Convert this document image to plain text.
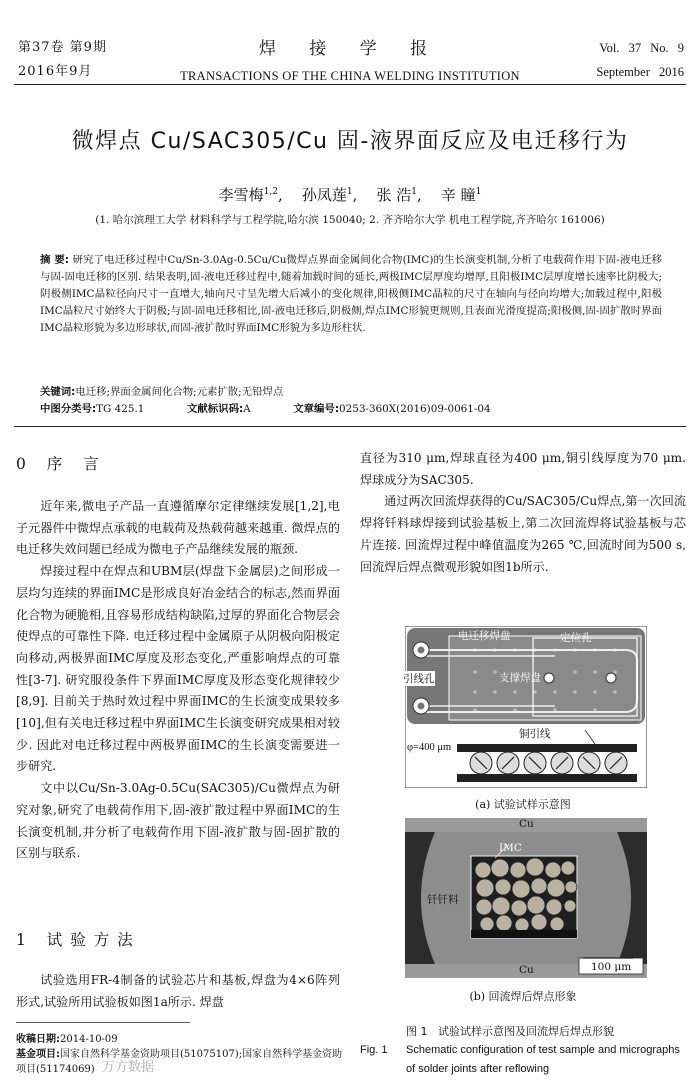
第37卷 第9期
2016年9月
焊 接 学 报
TRANSACTIONS OF THE CHINA WELDING INSTITUTION
Vol. 37 No. 9
September 2016
微焊点 Cu/SAC305/Cu 固-液界面反应及电迁移行为
李雪梅$^{1,2}$,    孙凤莲$^1$,    张 浩$^1$,    辛 瞳$^1$
(1. 哈尔滨理工大学 材料科学与工程学院,哈尔滨 150040; 2. 齐齐哈尔大学 机电工程学院,齐齐哈尔 161006)
摘 要: 研究了电迁移过程中Cu/Sn-3.0Ag-0.5Cu/Cu微焊点界面金属间化合物(IMC)的生长演变机制,分析了电载荷作用下固-液电迁移与固-固电迁移的区别. 结果表明,固-液电迁移过程中,随着加载时间的延长,两极IMC层厚度均增厚,且阳极IMC层厚度增长速率比阴极大;阴极侧IMC晶粒径向尺寸一直增大,轴向尺寸呈先增大后减小的变化规律,阳极侧IMC晶粒的尺寸在轴向与径向均增大;加载过程中,阳极IMC晶粒尺寸始终大于阴极;与固-固电迁移相比,固-液电迁移后,阴极侧,焊点IMC形貌更规则,且表面光滑度提高;阳极侧,固-固扩散时界面IMC晶粒形貌为多边形球状,而固-液扩散时界面IMC形貌为多边形柱状.
关键词:电迁移;界面金属间化合物;元素扩散;无铅焊点
中图分类号:TG 425.1	文献标识码:A	文章编号:0253-360X(2016)09-0061-04
0 序 言

近年来,微电子产品一直遵循摩尔定律继续发展[1,2],电子元器件中微焊点承载的电载荷及热载荷越来越重. 微焊点的电迁移失效问题已经成为微电子产品继续发展的瓶颈.

焊接过程中在焊点和UBM层(焊盘下金属层)之间形成一层均匀连续的界面IMC是形成良好冶金结合的标志,然而界面化合物为硬脆相,且容易形成结构缺陷,过厚的界面化合物层会使焊点的可靠性下降. 电迁移过程中金属原子从阴极向阳极定向移动,两极界面IMC厚度及形态变化,严重影响焊点的可靠性[3-7]. 研究服役条件下界面IMC厚度及形态变化规律较少[8,9]. 目前关于热时效过程中界面IMC的生长演变成果较多[10],但有关电迁移过程中界面IMC生长演变研究成果相对较少. 因此对电迁移过程中两极界面IMC的生长演变需要进一步研究.

文中以Cu/Sn-3.0Ag-0.5Cu(SAC305)/Cu微焊点为研究对象,研究了电载荷作用下,固-液扩散过程中界面IMC的生长演变机制,并分析了电载荷作用下固-液扩散与固-固扩散的区别与联系.

1 试验方法

试验选用FR-4制备的试验芯片和基板,焊盘为4×6阵列形式,试验所用试验板如图1a所示. 焊盘

收稿日期:2014-10-09
基金项目:国家自然科学基金资助项目(51075107);国家自然科学基金资助项目(51174069) 万方数据

直径为310 μm,焊球直径为400 μm,铜引线厚度为70 μm. 焊球成分为SAC305.

通过两次回流焊获得的Cu/SAC305/Cu焊点,第一次回流焊将钎料球焊接到试验基板上,第二次回流焊将试验基板与芯片连接. 回流焊过程中峰值温度为265 ℃,回流时间为500 s,回流焊后焊点微观形貌如图1b所示.

电迁移焊盘	定位孔
支撑焊盘
引线孔
铜引线
φ=400 μm
(a) 试验试样示意图
Cu
IMC
钎钎料
Cu	100 μm
(b) 回流焊后焊点形象
图 1 试验试样示意图及回流焊后焊点形貌
Fig. 1	Schematic configuration of test sample and micrographs of solder joints after reflowing
